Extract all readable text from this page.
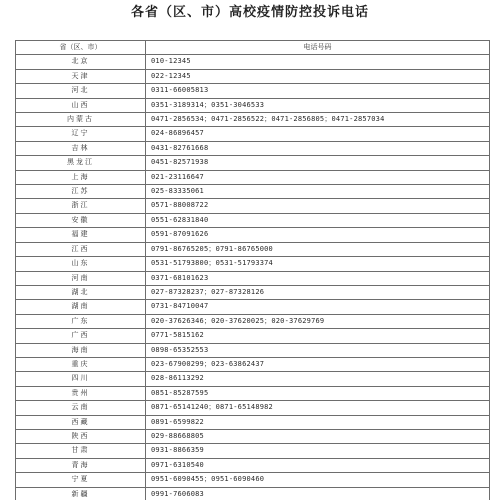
各省（区、市）高校疫情防控投诉电话
省（区、市）	电话号码
北京	010-12345
天津	022-12345
河北	0311-66005813
山西	0351-3189314；0351-3046533
内蒙古	0471-2856534；0471-2856522；0471-2856805；0471-2857034
辽宁	024-86896457
吉林	0431-82761668
黑龙江	0451-82571938
上海	021-23116647
江苏	025-83335061
浙江	0571-88008722
安徽	0551-62831840
福建	0591-87091626
江西	0791-86765205；0791-86765000
山东	0531-51793800；0531-51793374
河南	0371-68101623
湖北	027-87328237；027-87328126
湖南	0731-84710047
广东	020-37626346；020-37620025；020-37629769
广西	0771-5815162
海南	0898-65352553
重庆	023-67900299；023-63862437
四川	028-86113292
贵州	0851-85287595
云南	0871-65141240；0871-65148982
西藏	0891-6599822
陕西	029-88668805
甘肃	0931-8866359
青海	0971-6310540
宁夏	0951-6090455；0951-6090460
新疆	0991-7606083
